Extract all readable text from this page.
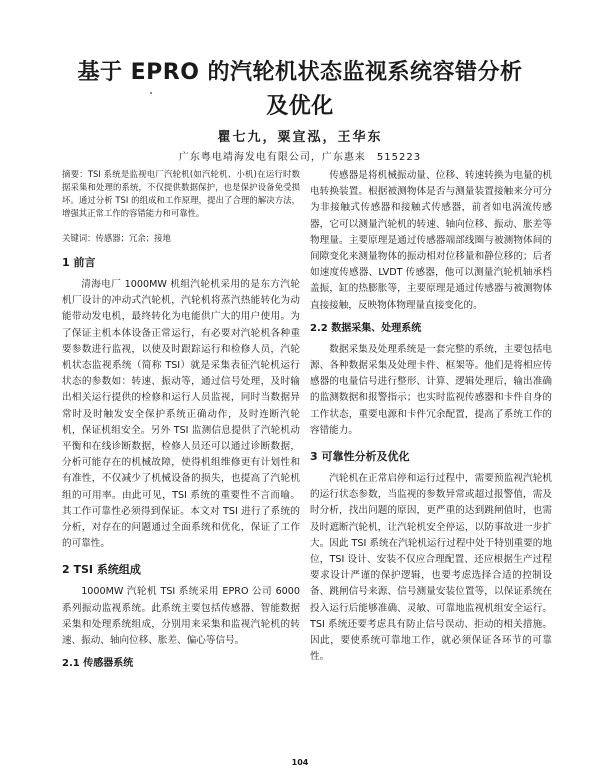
基于 EPRO 的汽轮机状态监视系统容错分析
及优化
瞿七九，粟宣泓，王华东
广东粤电靖海发电有限公司，广东惠来　515223

摘要：TSI 系统是监视电厂汽轮机(如汽轮机、小机)在运行时数据采集和处理的系统，不仅提供数据保护，也是保护设备免受损坏。通过分析 TSI 的组成和工作原理，提出了合理的解决方法，增强其正常工作的容错能力和可靠性。

关键词：传感器；冗余；接地

1 前言

清海电厂 1000MW 机组汽轮机采用的是东方汽轮机厂设计的冲动式汽轮机，汽轮机将蒸汽热能转化为动能带动发电机，最终转化为电能供广大的用户使用。为了保证主机本体设备正常运行，有必要对汽轮机各种重要参数进行监视，以使及时跟踪运行和检修人员，汽轮机状态监视系统（简称 TSI）就是采集表征汽轮机运行状态的参数如：转速、振动等，通过信号处理，及时输出相关运行提供的检修和运行人员监视，同时当数据异常时及时触发安全保护系统正确动作，及时连断汽轮机，保证机组安全。另外 TSI 监测信息提供了汽轮机动平衡和在线诊断数据，检修人员还可以通过诊断数据，分析可能存在的机械故障，使得机组维修更有计划性和有准性，不仅减少了机械设备的损失，也提高了汽轮机组的可用率。由此可见，TSI 系统的重要性不言而喻。其工作可靠性必须得到保证。本文对 TSI 进行了系统的分析，对存在的问题通过全面系统和优化，保证了工作的可靠性。

2 TSI 系统组成

1000MW 汽轮机 TSI 系统采用 EPRO 公司 6000 系列振动监视系统。此系统主要包括传感器、智能数据采集和处理系统组成，分别用来采集和监视汽轮机的转速、振动、轴向位移、胀差、偏心等信号。

2.1 传感器系统

传感器是将机械振动量、位移、转速转换为电量的机电转换装置。根据被测物体是否与测量装置接触来分可分为非接触式传感器和接触式传感器，前者如电涡流传感器，它可以测量汽轮机的转速、轴向位移、振动、胀差等物理量。主要原理是通过传感器端部线圈与被测物体间的间隙变化来测量物体的振动相对位移量和静位移的；后者如速度传感器、LVDT 传感器，他可以测量汽轮机轴承档盖振，缸的热膨胀等，主要原理是通过传感器与被测物体直接接触，反映物体物理量直接变化的。

2.2 数据采集、处理系统

数据采集及处理系统是一套完整的系统，主要包括电源、各种数据采集及处理卡件、框架等。他们是将相应传感器的电量信号进行整形、计算、逻辑处理后，输出准确的监测数据和报警指示；也实时监视传感器和卡件自身的工作状态，重要电源和卡件冗余配置，提高了系统工作的容错能力。

3 可靠性分析及优化

汽轮机在正常启停和运行过程中，需要预监视汽轮机的运行状态参数，当监视的参数异常或超过报警值，需及时分析，找出问题的原因，更严重的达到跳闸值时，也需及时遮断汽轮机，让汽轮机安全停运，以防事故进一步扩大。因此 TSI 系统在汽轮机运行过程中处于特别重要的地位，TSI 设计、安装不仅应合理配置、还应根据生产过程要求设计严谨的保护逻辑，也要考虑选择合适的控制设备、跳闸信号来源、信号测量安装位置等，以保证系统在投入运行后能够准确、灵敏、可靠地监视机组安全运行。TSI 系统还要考虑具有防止信号误动、拒动的相关措施。因此，要使系统可靠地工作，就必须保证各环节的可靠性。

104
